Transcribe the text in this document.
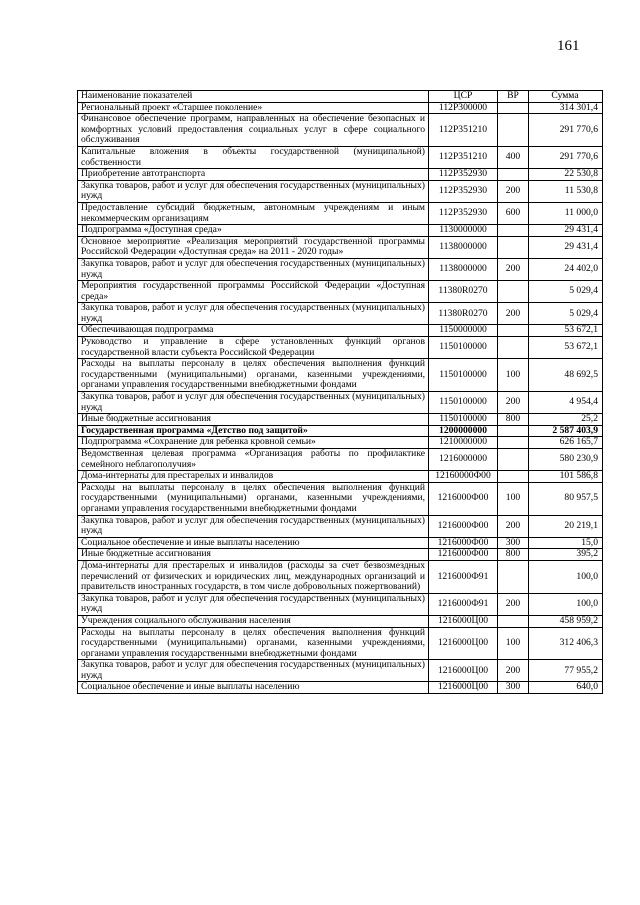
161
Наименование показателей	ЦСР	ВР	Сумма
Региональный проект «Старшее поколение»	112P300000		314 301,4
Финансовое обеспечение программ, направленных на обеспечение безопасных и комфортных условий предоставления социальных услуг в сфере социального обслуживания	112P351210		291 770,6
Капитальные вложения в объекты государственной (муниципальной) собственности	112P351210	400	291 770,6
Приобретение автотранспорта	112P352930		22 530,8
Закупка товаров, работ и услуг для обеспечения государственных (муниципальных) нужд	112P352930	200	11 530,8
Предоставление субсидий бюджетным, автономным учреждениям и иным некоммерческим организациям	112P352930	600	11 000,0
Подпрограмма «Доступная среда»	1130000000		29 431,4
Основное мероприятие «Реализация мероприятий государственной программы Российской Федерации «Доступная среда» на 2011 - 2020 годы»	1138000000		29 431,4
Закупка товаров, работ и услуг для обеспечения государственных (муниципальных) нужд	1138000000	200	24 402,0
Мероприятия государственной программы Российской Федерации «Доступная среда»	11380R0270		5 029,4
Закупка товаров, работ и услуг для обеспечения государственных (муниципальных) нужд	11380R0270	200	5 029,4
Обеспечивающая подпрограмма	1150000000		53 672,1
Руководство и управление в сфере установленных функций органов государственной власти субъекта Российской Федерации	1150100000		53 672,1
Расходы на выплаты персоналу в целях обеспечения выполнения функций государственными (муниципальными) органами, казенными учреждениями, органами управления государственными внебюджетными фондами	1150100000	100	48 692,5
Закупка товаров, работ и услуг для обеспечения государственных (муниципальных) нужд	1150100000	200	4 954,4
Иные бюджетные ассигнования	1150100000	800	25,2
Государственная программа «Детство под защитой»	1200000000		2 587 403,9
Подпрограмма «Сохранение для ребенка кровной семьи»	1210000000		626 165,7
Ведомственная целевая программа «Организация работы по профилактике семейного неблагополучия»	1216000000		580 230,9
Дома-интернаты для престарелых и инвалидов	12160000Ф00		101 586,8
Расходы на выплаты персоналу в целях обеспечения выполнения функций государственными (муниципальными) органами, казенными учреждениями, органами управления государственными внебюджетными фондами	1216000Ф00	100	80 957,5
Закупка товаров, работ и услуг для обеспечения государственных (муниципальных) нужд	1216000Ф00	200	20 219,1
Социальное обеспечение и иные выплаты населению	1216000Ф00	300	15,0
Иные бюджетные ассигнования	1216000Ф00	800	395,2
Дома-интернаты для престарелых и инвалидов (расходы за счет безвозмездных перечислений от физических и юридических лиц, международных организаций и правительств иностранных государств, в том числе добровольных пожертвований)	1216000Ф91		100,0
Закупка товаров, работ и услуг для обеспечения государственных (муниципальных) нужд	1216000Ф91	200	100,0
Учреждения социального обслуживания населения	1216000Ц00		458 959,2
Расходы на выплаты персоналу в целях обеспечения выполнения функций государственными (муниципальными) органами, казенными учреждениями, органами управления государственными внебюджетными фондами	1216000Ц00	100	312 406,3
Закупка товаров, работ и услуг для обеспечения государственных (муниципальных) нужд	1216000Ц00	200	77 955,2
Социальное обеспечение и иные выплаты населению	1216000Ц00	300	640,0
